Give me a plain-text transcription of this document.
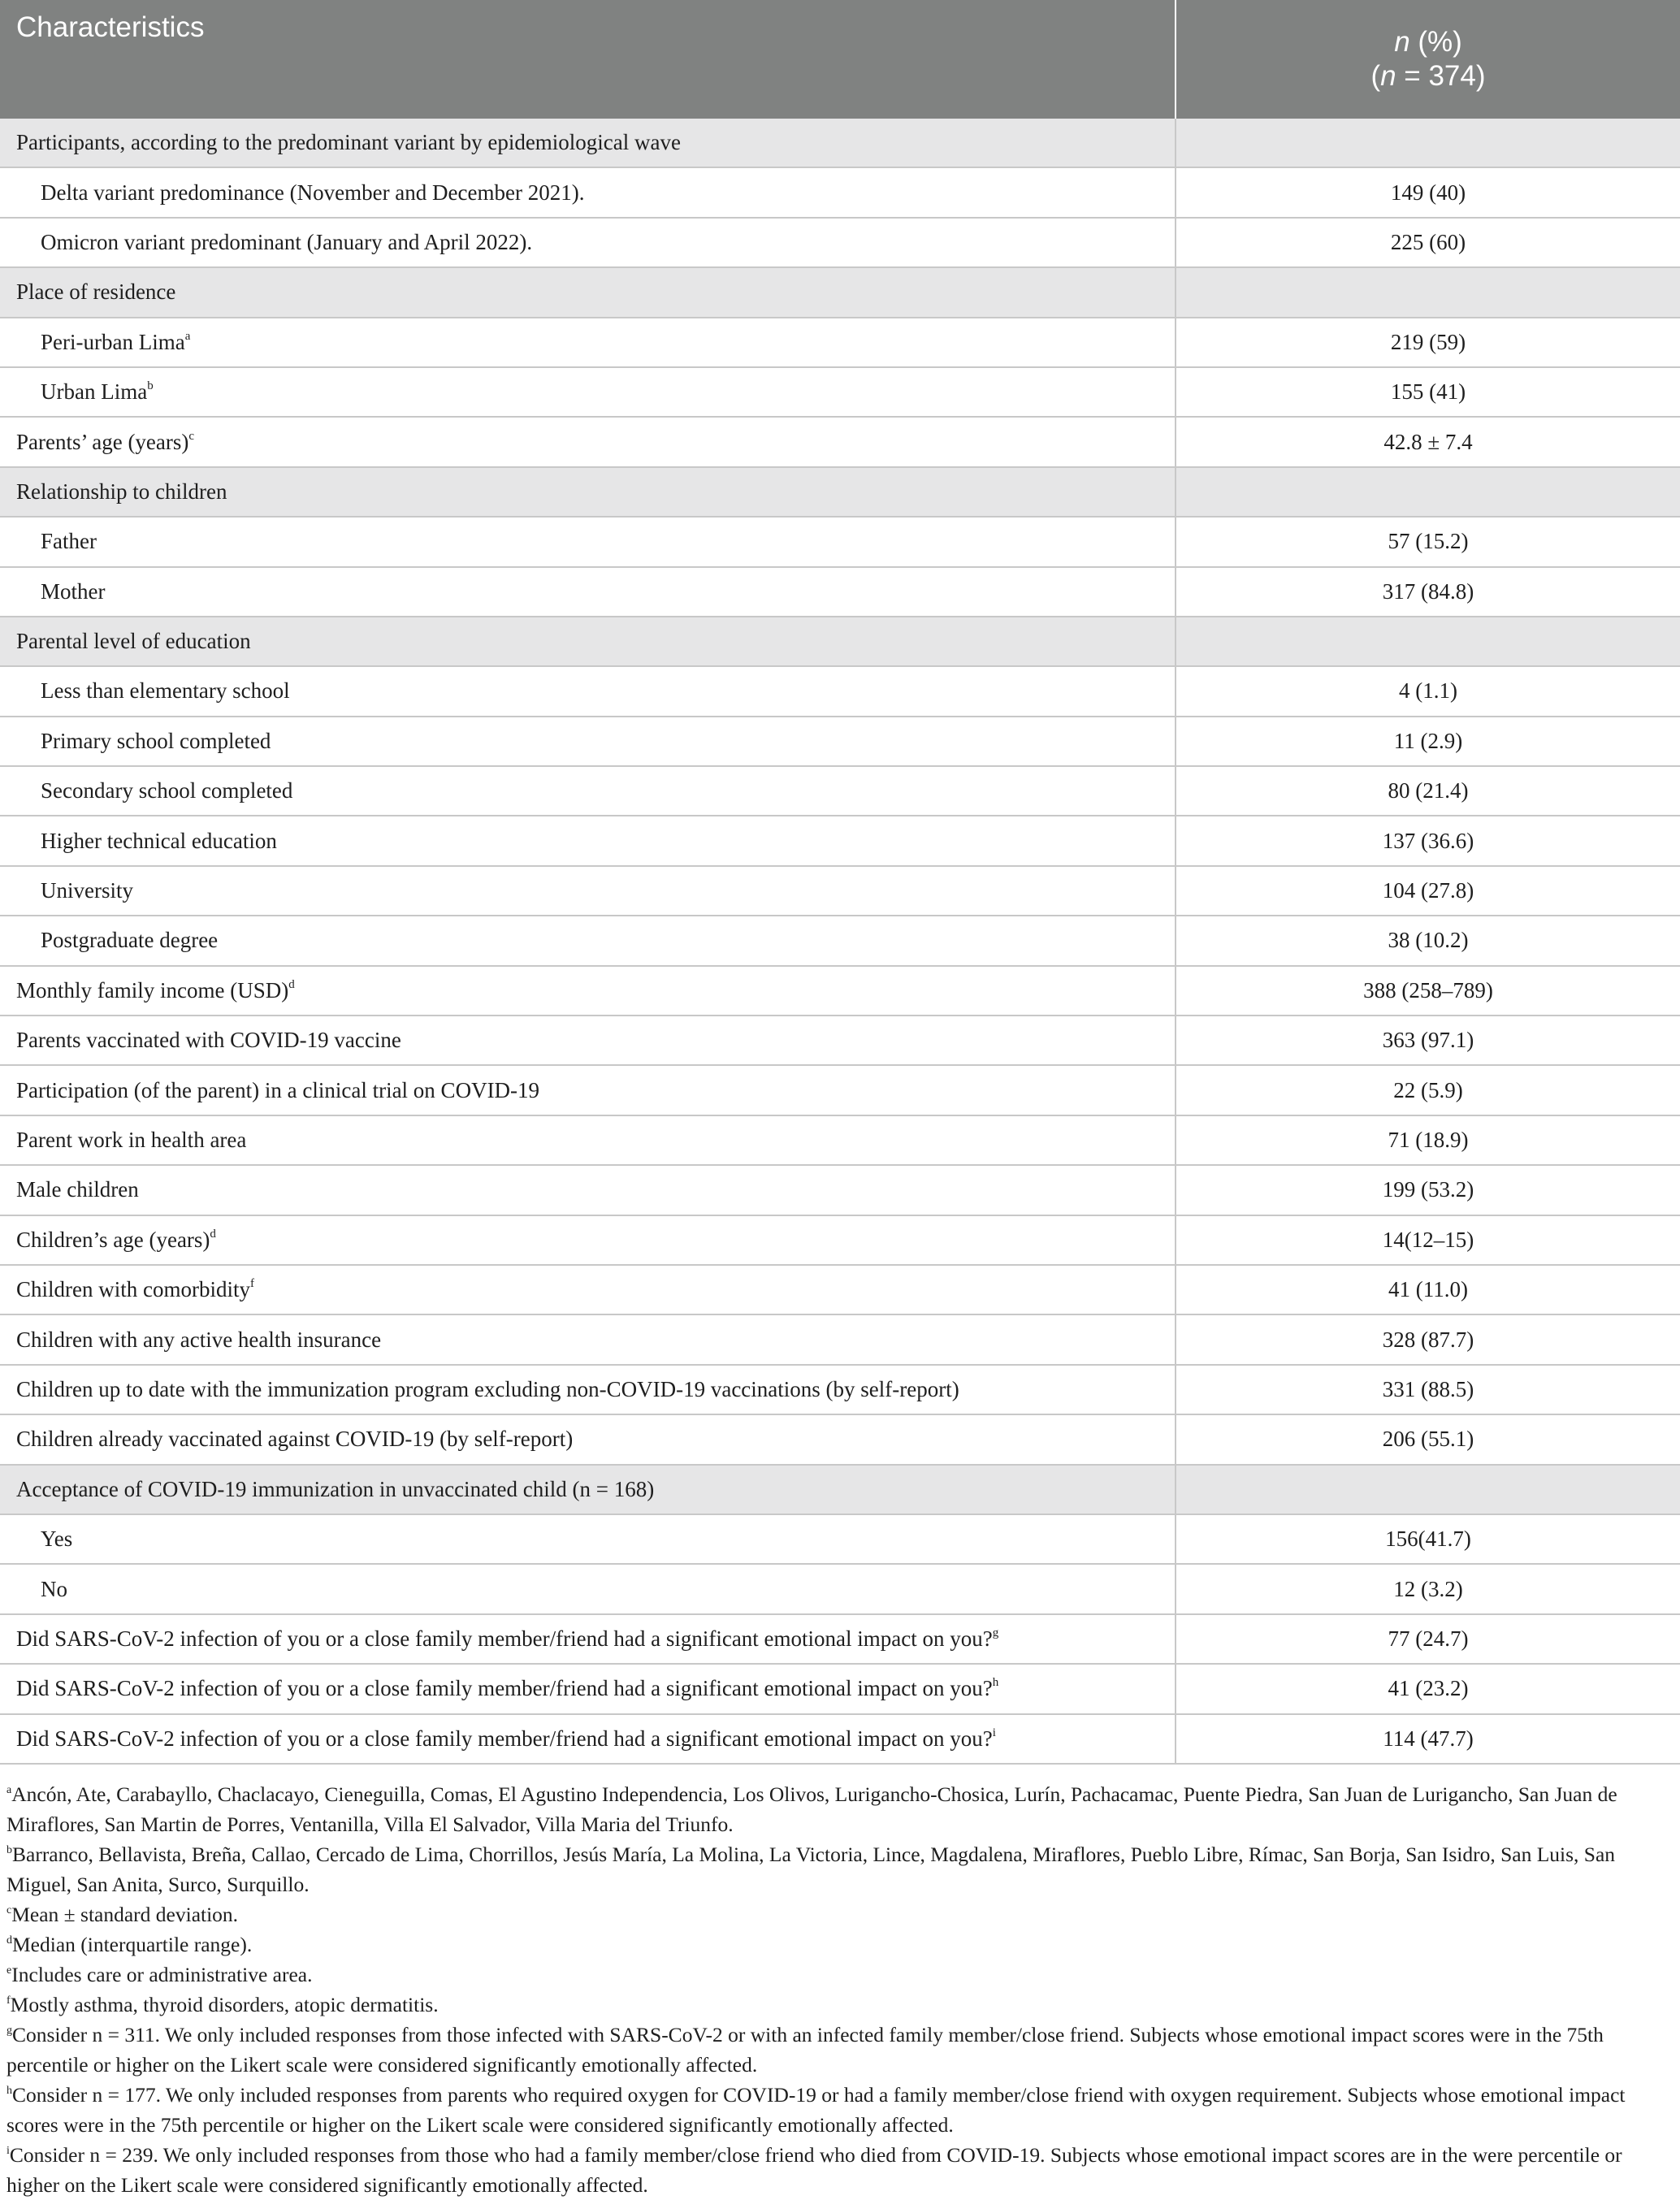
Characteristics	n (%)
(n = 374)

Participants, according to the predominant variant by epidemiological wave	
Delta variant predominance (November and December 2021).	149 (40)
Omicron variant predominant (January and April 2022).	225 (60)
Place of residence	
Peri-urban Lima$^a$	219 (59)
Urban Lima$^b$	155 (41)
Parents’ age (years)$^c$	42.8 ± 7.4
Relationship to children	
Father	57 (15.2)
Mother	317 (84.8)
Parental level of education	
Less than elementary school	4 (1.1)
Primary school completed	11 (2.9)
Secondary school completed	80 (21.4)
Higher technical education	137 (36.6)
University	104 (27.8)
Postgraduate degree	38 (10.2)
Monthly family income (USD)$^d$	388 (258–789)
Parents vaccinated with COVID-19 vaccine	363 (97.1)
Participation (of the parent) in a clinical trial on COVID-19	22 (5.9)
Parent work in health area	71 (18.9)
Male children	199 (53.2)
Children’s age (years)$^d$	14(12–15)
Children with comorbidity$^f$	41 (11.0)
Children with any active health insurance	328 (87.7)
Children up to date with the immunization program excluding non-COVID-19 vaccinations (by self-report)	331 (88.5)
Children already vaccinated against COVID-19 (by self-report)	206 (55.1)
Acceptance of COVID-19 immunization in unvaccinated child (n = 168)	
Yes	156(41.7)
No	12 (3.2)
Did SARS-CoV-2 infection of you or a close family member/friend had a significant emotional impact on you?$^g$	77 (24.7)
Did SARS-CoV-2 infection of you or a close family member/friend had a significant emotional impact on you?$^h$	41 (23.2)
Did SARS-CoV-2 infection of you or a close family member/friend had a significant emotional impact on you?$^i$	114 (47.7)

$^a$Ancón, Ate, Carabayllo, Chaclacayo, Cieneguilla, Comas, El Agustino Independencia, Los Olivos, Lurigancho-Chosica, Lurín, Pachacamac, Puente Piedra, San Juan de Lurigancho, San Juan de Miraflores, San Martin de Porres, Ventanilla, Villa El Salvador, Villa Maria del Triunfo.

$^b$Barranco, Bellavista, Breña, Callao, Cercado de Lima, Chorrillos, Jesús María, La Molina, La Victoria, Lince, Magdalena, Miraflores, Pueblo Libre, Rímac, San Borja, San Isidro, San Luis, San Miguel, San Anita, Surco, Surquillo.

$^c$Mean ± standard deviation.

$^d$Median (interquartile range).

$^e$Includes care or administrative area.

$^f$Mostly asthma, thyroid disorders, atopic dermatitis.

$^g$Consider n = 311. We only included responses from those infected with SARS-CoV-2 or with an infected family member/close friend. Subjects whose emotional impact scores were in the 75th percentile or higher on the Likert scale were considered significantly emotionally affected.

$^h$Consider n = 177. We only included responses from parents who required oxygen for COVID-19 or had a family member/close friend with oxygen requirement. Subjects whose emotional impact scores were in the 75th percentile or higher on the Likert scale were considered significantly emotionally affected.

$^i$Consider n = 239. We only included responses from those who had a family member/close friend who died from COVID-19. Subjects whose emotional impact scores are in the were percentile or higher on the Likert scale were considered significantly emotionally affected.
